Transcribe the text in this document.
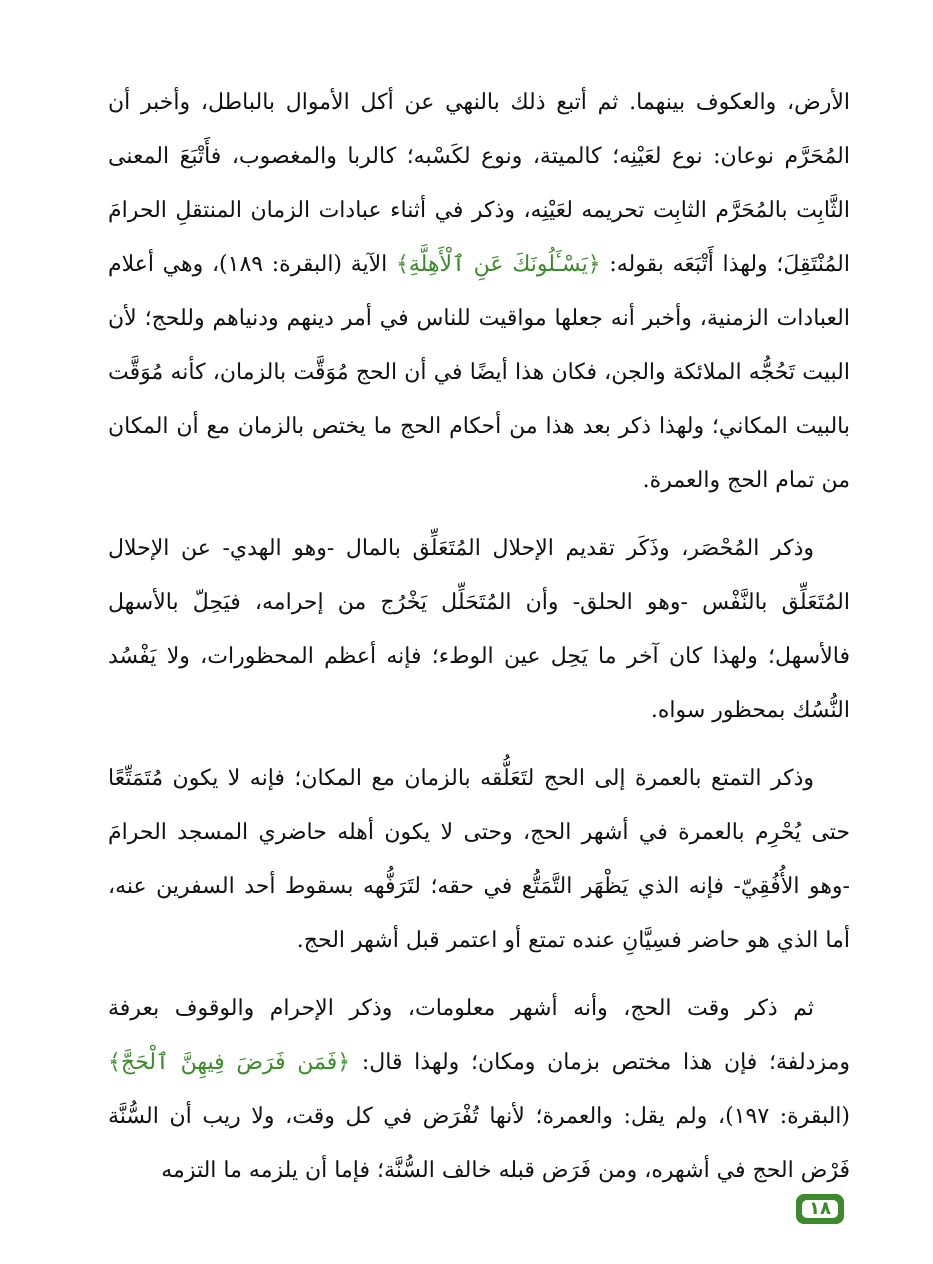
الأرض، والعكوف بينهما. ثم أتبع ذلك بالنهي عن أكل الأموال بالباطل، وأخبر أن المُحَرَّم نوعان: نوع لعَيْنِه؛ كالميتة، ونوع لكَسْبه؛ كالربا والمغصوب، فأَتْبَعَ المعنى الثَّابِت بالمُحَرَّم الثابِت تحريمه لعَيْنِه، وذكر في أثناء عبادات الزمان المنتقلِ الحرامَ المُنْتَقِلَ؛ ولهذا أَتْبَعَه بقوله: ﴿يَسْـَٔلُونَكَ عَنِ ٱلْأَهِلَّةِ﴾ الآية (البقرة: ١٨٩)، وهي أعلام العبادات الزمنية، وأخبر أنه جعلها مواقيت للناس في أمر دينهم ودنياهم وللحج؛ لأن البيت تَحُجُّه الملائكة والجن، فكان هذا أيضًا في أن الحج مُوَقَّت بالزمان، كأنه مُوَقَّت بالبيت المكاني؛ ولهذا ذكر بعد هذا من أحكام الحج ما يختص بالزمان مع أن المكان من تمام الحج والعمرة.

وذكر المُحْصَر، وذَكَر تقديم الإحلال المُتَعَلِّق بالمال -وهو الهدي- عن الإحلال المُتَعَلِّق بالنَّفْس -وهو الحلق- وأن المُتَحَلِّل يَخْرُج من إحرامه، فيَحِلّ بالأسهل فالأسهل؛ ولهذا كان آخر ما يَحِل عين الوطء؛ فإنه أعظم المحظورات، ولا يَفْسُد النُّسُك بمحظور سواه.

وذكر التمتع بالعمرة إلى الحج لتَعَلُّقه بالزمان مع المكان؛ فإنه لا يكون مُتَمَتِّعًا حتى يُحْرِم بالعمرة في أشهر الحج، وحتى لا يكون أهله حاضري المسجد الحرامَ -وهو الأُفُقِيّ- فإنه الذي يَظْهَر التَّمَتُّع في حقه؛ لتَرَفُّهه بسقوط أحد السفرين عنه، أما الذي هو حاضر فسِيَّانِ عنده تمتع أو اعتمر قبل أشهر الحج.

ثم ذكر وقت الحج، وأنه أشهر معلومات، وذكر الإحرام والوقوف بعرفة ومزدلفة؛ فإن هذا مختص بزمان ومكان؛ ولهذا قال: ﴿فَمَن فَرَضَ فِيهِنَّ ٱلْحَجَّ﴾ (البقرة: ١٩٧)، ولم يقل: والعمرة؛ لأنها تُفْرَض في كل وقت، ولا ريب أن السُّنَّة فَرْض الحج في أشهره، ومن فَرَض قبله خالف السُّنَّة؛ فإما أن يلزمه ما التزمه

١٨
